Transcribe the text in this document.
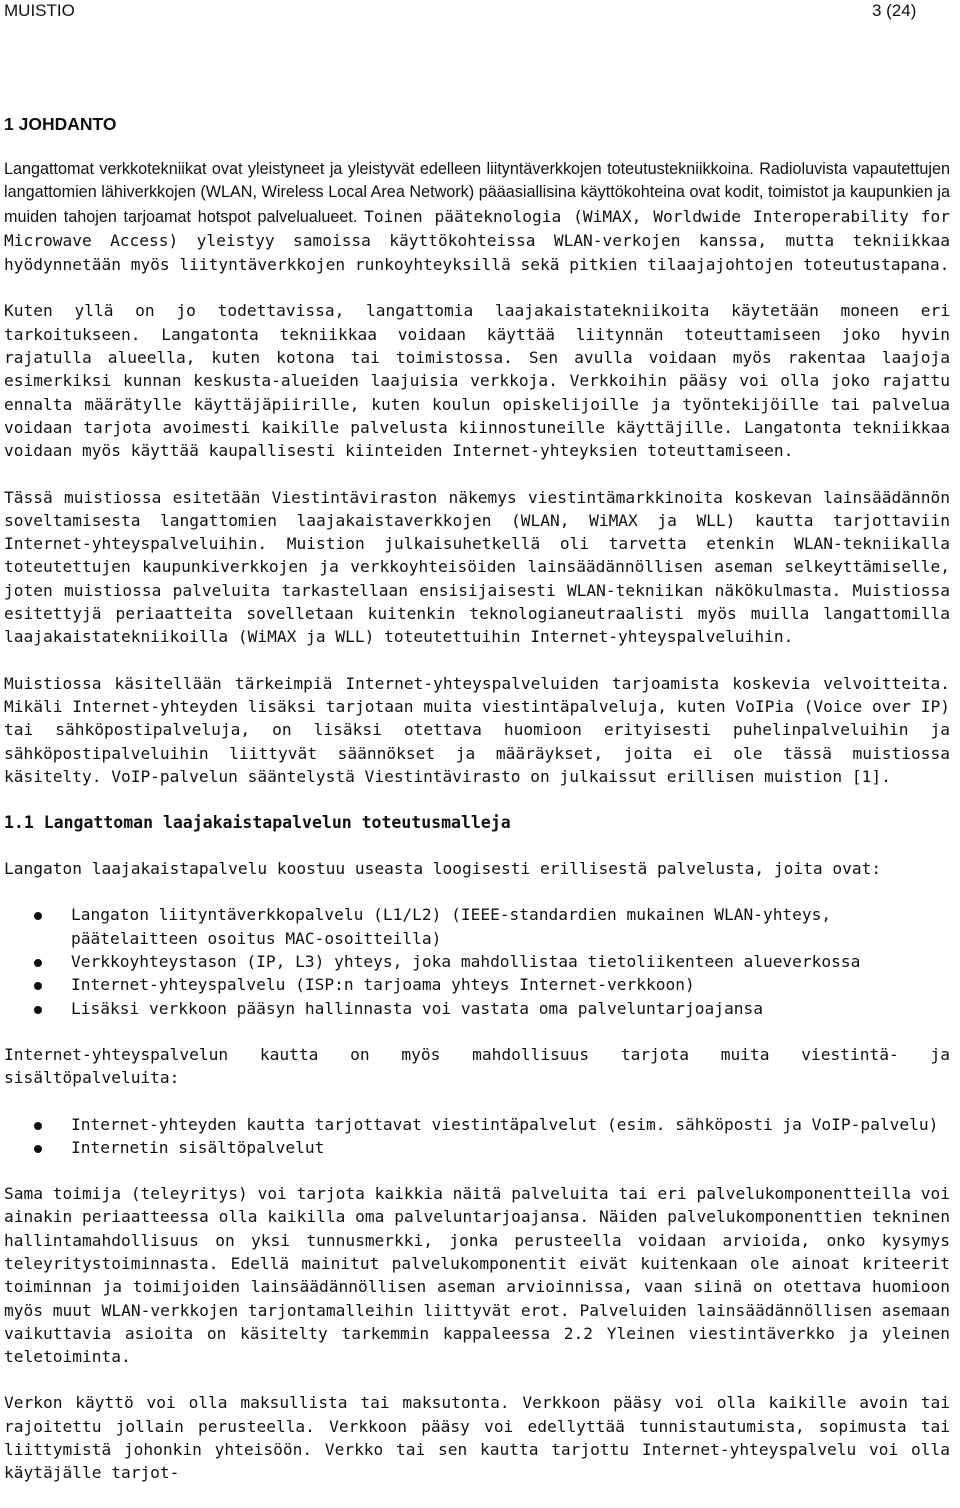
MUISTIO	3 (24)
1 JOHDANTO

Langattomat verkkotekniikat ovat yleistyneet ja yleistyvät edelleen liityntäverkkojen toteutustekniikkoina. Radioluvista vapautettujen langattomien lähiverkkojen (WLAN, Wireless Local Area Network) pääasiallisina käyttökohteina ovat kodit, toimistot ja kaupunkien ja muiden tahojen tarjoamat hotspot palvelualueet. Toinen pääteknologia (WiMAX, Worldwide Interoperability for Microwave Access) yleistyy samoissa käyttökohteissa WLAN-verkojen kanssa, mutta tekniikkaa hyödynnetään myös liityntäverkkojen runkoyhteyksillä sekä pitkien tilaajajohtojen toteutustapana.

Kuten yllä on jo todettavissa, langattomia laajakaistatekniikoita käytetään moneen eri tarkoitukseen. Langatonta tekniikkaa voidaan käyttää liitynnän toteuttamiseen joko hyvin rajatulla alueella, kuten kotona tai toimistossa. Sen avulla voidaan myös rakentaa laajoja esimerkiksi kunnan keskusta-alueiden laajuisia verkkoja. Verkkoihin pääsy voi olla joko rajattu ennalta määrätylle käyttäjäpiirille, kuten koulun opiskelijoille ja työntekijöille tai palvelua voidaan tarjota avoimesti kaikille palvelusta kiinnostuneille käyttäjille. Langatonta tekniikkaa voidaan myös käyttää kaupallisesti kiinteiden Internet-yhteyksien toteuttamiseen.

Tässä muistiossa esitetään Viestintäviraston näkemys viestintämarkkinoita koskevan lainsäädännön soveltamisesta langattomien laajakaistaverkkojen (WLAN, WiMAX ja WLL) kautta tarjottaviin Internet-yhteyspalveluihin. Muistion julkaisuhetkellä oli tarvetta etenkin WLAN-tekniikalla toteutettujen kaupunkiverkkojen ja verkkoyhteisöiden lainsäädännöllisen aseman selkeyttämiselle, joten muistiossa palveluita tarkastellaan ensisijaisesti WLAN-tekniikan näkökulmasta. Muistiossa esitettyjä periaatteita sovelletaan kuitenkin teknologianeutraalisti myös muilla langattomilla laajakaistatekniikoilla (WiMAX ja WLL) toteutettuihin Internet-yhteyspalveluihin.

Muistiossa käsitellään tärkeimpiä Internet-yhteyspalveluiden tarjoamista koskevia velvoitteita. Mikäli Internet-yhteyden lisäksi tarjotaan muita viestintäpalveluja, kuten VoIPia (Voice over IP) tai sähköpostipalveluja, on lisäksi otettava huomioon erityisesti puhelinpalveluihin ja sähköpostipalveluihin liittyvät säännökset ja määräykset, joita ei ole tässä muistiossa käsitelty. VoIP-palvelun sääntelystä Viestintävirasto on julkaissut erillisen muistion [1].

1.1 Langattoman laajakaistapalvelun toteutusmalleja

Langaton laajakaistapalvelu koostuu useasta loogisesti erillisestä palvelusta, joita ovat:

Langaton liityntäverkkopalvelu (L1/L2) (IEEE-standardien mukainen WLAN-yhteys, päätelaitteen osoitus MAC-osoitteilla)
Verkkoyhteystason (IP, L3) yhteys, joka mahdollistaa tietoliikenteen alueverkossa
Internet-yhteyspalvelu (ISP:n tarjoama yhteys Internet-verkkoon)
Lisäksi verkkoon pääsyn hallinnasta voi vastata oma palveluntarjoajansa

Internet-yhteyspalvelun kautta on myös mahdollisuus tarjota muita viestintä- ja sisältöpalveluita:

Internet-yhteyden kautta tarjottavat viestintäpalvelut (esim. sähköposti ja VoIP-palvelu)
Internetin sisältöpalvelut

Sama toimija (teleyritys) voi tarjota kaikkia näitä palveluita tai eri palvelukomponentteilla voi ainakin periaatteessa olla kaikilla oma palveluntarjoajansa. Näiden palvelukomponenttien tekninen hallintamahdollisuus on yksi tunnusmerkki, jonka perusteella voidaan arvioida, onko kysymys teleyritystoiminnasta. Edellä mainitut palvelukomponentit eivät kuitenkaan ole ainoat kriteerit toiminnan ja toimijoiden lainsäädännöllisen aseman arvioinnissa, vaan siinä on otettava huomioon myös muut WLAN-verkkojen tarjontamalleihin liittyvät erot. Palveluiden lainsäädännöllisen asemaan vaikuttavia asioita on käsitelty tarkemmin kappaleessa 2.2 Yleinen viestintäverkko ja yleinen teletoiminta.

Verkon käyttö voi olla maksullista tai maksutonta. Verkkoon pääsy voi olla kaikille avoin tai rajoitettu jollain perusteella. Verkkoon pääsy voi edellyttää tunnistautumista, sopimusta tai liittymistä johonkin yhteisöön. Verkko tai sen kautta tarjottu Internet-yhteyspalvelu voi olla käytäjälle tarjot-
